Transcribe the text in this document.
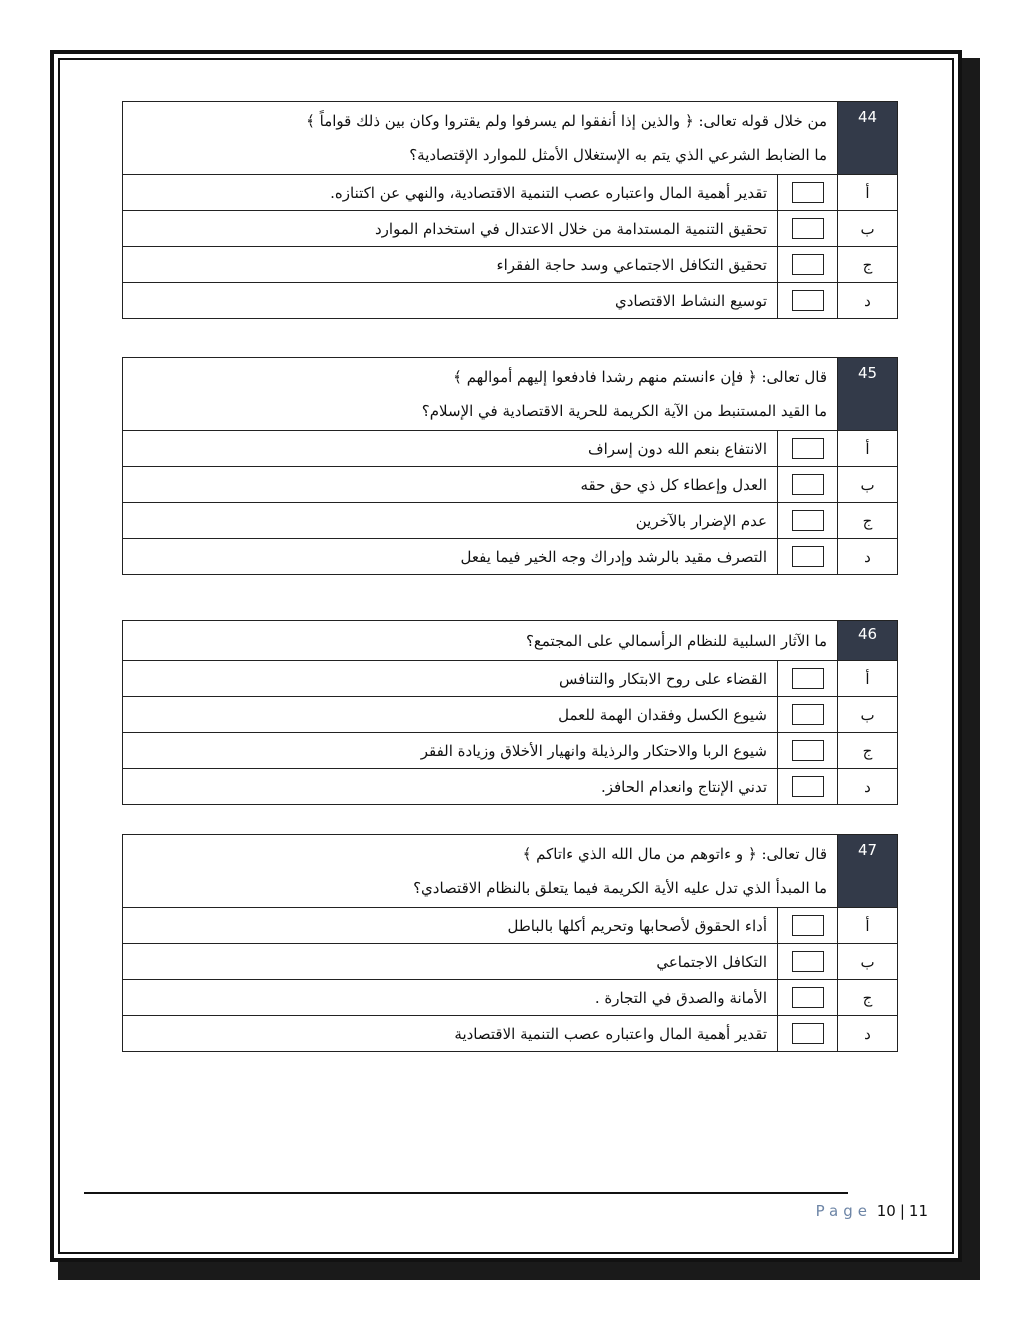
44	من خلال قوله تعالى: ﴿ والذين إذا أنفقوا لم يسرفوا ولم يقتروا وكان بين ذلك قواماً ﴾
ما الضابط الشرعي الذي يتم به الإستغلال الأمثل للموارد الإقتصادية؟	

أ		تقدير أهمية المال واعتباره عصب التنمية الاقتصادية، والنهي عن اكتنازه.
ب		تحقيق التنمية المستدامة من خلال الاعتدال في استخدام الموارد
ج		تحقيق التكافل الاجتماعي وسد حاجة الفقراء
د		توسيع النشاط الاقتصادي
45	قال تعالى: ﴿ فإن ءانستم منهم رشدا فادفعوا إليهم أموالهم ﴾
ما القيد المستنبط من الآية الكريمة للحرية الاقتصادية في الإسلام؟	

أ		الانتفاع بنعم الله دون إسراف
ب		العدل وإعطاء كل ذي حق حقه
ج		عدم الإضرار بالآخرين
د		التصرف مقيد بالرشد وإدراك وجه الخير فيما يفعل
46	ما الآثار السلبية للنظام الرأسمالي على المجتمع؟	

أ		القضاء على روح الابتكار والتنافس
ب		شيوع الكسل وفقدان الهمة للعمل
ج		شيوع الربا والاحتكار والرذيلة وانهيار الأخلاق وزيادة الفقر
د		تدني الإنتاج وانعدام الحافز.
47	قال تعالى: ﴿ و ءاتوهم من مال الله الذي ءاتاكم ﴾
ما المبدأ الذي تدل عليه الأية الكريمة فيما يتعلق بالنظام الاقتصادي؟	

أ		أداء الحقوق لأصحابها وتحريم أكلها بالباطل
ب		التكافل الاجتماعي
ج		الأمانة والصدق في التجارة .
د		تقدير أهمية المال واعتباره عصب التنمية الاقتصادية
Page 10 | 11
